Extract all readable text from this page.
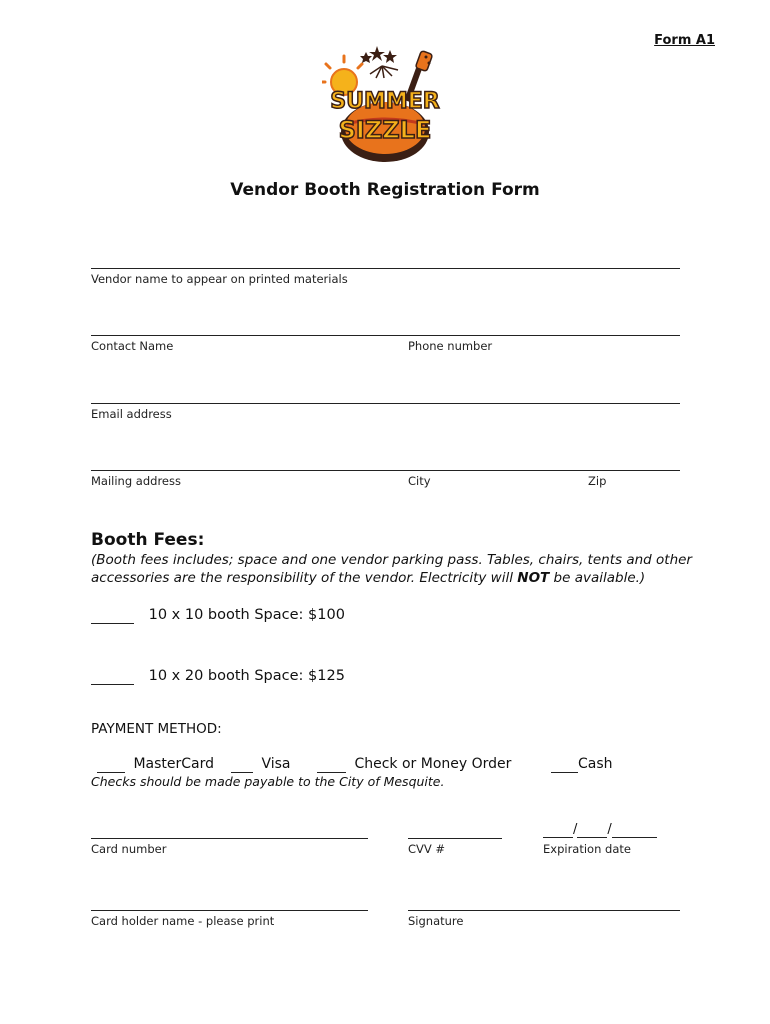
Form A1
SUMMER
SIZZLE
Vendor Booth Registration Form
Vendor name to appear on printed materials
Contact Name	Phone number
Email address
Mailing address	City	Zip
Booth Fees:
(Booth fees includes; space and one vendor parking pass. Tables, chairs, tents and other accessories are the responsibility of the vendor. Electricity will NOT be available.)
10 x 10 booth Space: $100
10 x 20 booth Space: $125
PAYMENT METHOD:
MasterCard	Visa	Check or Money Order	Cash
Checks should be made payable to the City of Mesquite.
/ /
Card number	CVV #	Expiration date
Card holder name - please print	Signature
